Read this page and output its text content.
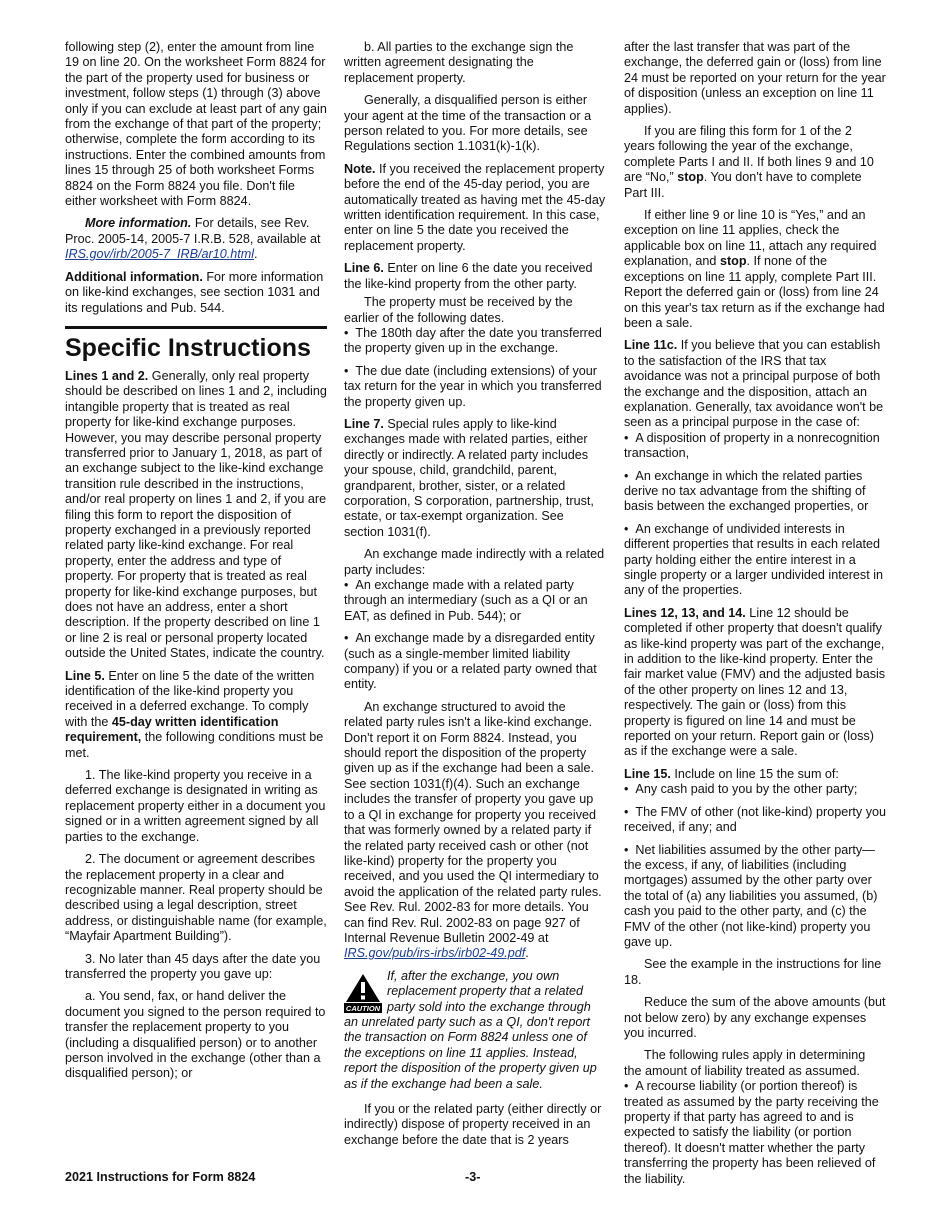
following step (2), enter the amount from line 19 on line 20. On the worksheet Form 8824 for the part of the property used for business or investment, follow steps (1) through (3) above only if you can exclude at least part of any gain from the exchange of that part of the property; otherwise, complete the form according to its instructions. Enter the combined amounts from lines 15 through 25 of both worksheet Forms 8824 on the Form 8824 you file. Don't file either worksheet with Form 8824.

More information. For details, see Rev. Proc. 2005-14, 2005-7 I.R.B. 528, available at IRS.gov/irb/2005-7_IRB/ar10.html.

Additional information. For more information on like-kind exchanges, see section 1031 and its regulations and Pub. 544.

Specific Instructions

Lines 1 and 2. Generally, only real property should be described on lines 1 and 2, including intangible property that is treated as real property for like-kind exchange purposes. However, you may describe personal property transferred prior to January 1, 2018, as part of an exchange subject to the like-kind exchange transition rule described in the instructions, and/or real property on lines 1 and 2, if you are filing this form to report the disposition of property exchanged in a previously reported related party like-kind exchange. For real property, enter the address and type of property. For property that is treated as real property for like-kind exchange purposes, but does not have an address, enter a short description. If the property described on line 1 or line 2 is real or personal property located outside the United States, indicate the country.

Line 5. Enter on line 5 the date of the written identification of the like-kind property you received in a deferred exchange. To comply with the 45-day written identification requirement, the following conditions must be met.

1. The like-kind property you receive in a deferred exchange is designated in writing as replacement property either in a document you signed or in a written agreement signed by all parties to the exchange.

2. The document or agreement describes the replacement property in a clear and recognizable manner. Real property should be described using a legal description, street address, or distinguishable name (for example, “Mayfair Apartment Building”).

3. No later than 45 days after the date you transferred the property you gave up:

a. You send, fax, or hand deliver the document you signed to the person required to transfer the replacement property to you (including a disqualified person) or to another person involved in the exchange (other than a disqualified person); or

b. All parties to the exchange sign the written agreement designating the replacement property.

Generally, a disqualified person is either your agent at the time of the transaction or a person related to you. For more details, see Regulations section 1.1031(k)-1(k).

Note. If you received the replacement property before the end of the 45-day period, you are automatically treated as having met the 45-day written identification requirement. In this case, enter on line 5 the date you received the replacement property.

Line 6. Enter on line 6 the date you received the like-kind property from the other party.

The property must be received by the earlier of the following dates.

•  The 180th day after the date you transferred the property given up in the exchange.

•  The due date (including extensions) of your tax return for the year in which you transferred the property given up.

Line 7. Special rules apply to like-kind exchanges made with related parties, either directly or indirectly. A related party includes your spouse, child, grandchild, parent, grandparent, brother, sister, or a related corporation, S corporation, partnership, trust, estate, or tax-exempt organization. See section 1031(f).

An exchange made indirectly with a related party includes:

•  An exchange made with a related party through an intermediary (such as a QI or an EAT, as defined in Pub. 544); or

•  An exchange made by a disregarded entity (such as a single-member limited liability company) if you or a related party owned that entity.

An exchange structured to avoid the related party rules isn't a like-kind exchange. Don't report it on Form 8824. Instead, you should report the disposition of the property given up as if the exchange had been a sale. See section 1031(f)(4). Such an exchange includes the transfer of property you gave up to a QI in exchange for property you received that was formerly owned by a related party if the related party received cash or other (not like-kind) property for the property you received, and you used the QI intermediary to avoid the application of the related party rules. See Rev. Rul. 2002-83 for more details. You can find Rev. Rul. 2002-83 on page 927 of Internal Revenue Bulletin 2002-49 at IRS.gov/pub/irs-irbs/irb02-49.pdf.

CAUTION
If, after the exchange, you own replacement property that a related party sold into the exchange through an unrelated party such as a QI, don't report the transaction on Form 8824 unless one of the exceptions on line 11 applies. Instead, report the disposition of the property given up as if the exchange had been a sale.

If you or the related party (either directly or indirectly) dispose of property received in an exchange before the date that is 2 years

after the last transfer that was part of the exchange, the deferred gain or (loss) from line 24 must be reported on your return for the year of disposition (unless an exception on line 11 applies).

If you are filing this form for 1 of the 2 years following the year of the exchange, complete Parts I and II. If both lines 9 and 10 are “No,” stop. You don't have to complete Part III.

If either line 9 or line 10 is “Yes,” and an exception on line 11 applies, check the applicable box on line 11, attach any required explanation, and stop. If none of the exceptions on line 11 apply, complete Part III. Report the deferred gain or (loss) from line 24 on this year's tax return as if the exchange had been a sale.

Line 11c. If you believe that you can establish to the satisfaction of the IRS that tax avoidance was not a principal purpose of both the exchange and the disposition, attach an explanation. Generally, tax avoidance won't be seen as a principal purpose in the case of:

•  A disposition of property in a nonrecognition transaction,

•  An exchange in which the related parties derive no tax advantage from the shifting of basis between the exchanged properties, or

•  An exchange of undivided interests in different properties that results in each related party holding either the entire interest in a single property or a larger undivided interest in any of the properties.

Lines 12, 13, and 14. Line 12 should be completed if other property that doesn't qualify as like-kind property was part of the exchange, in addition to the like-kind property. Enter the fair market value (FMV) and the adjusted basis of the other property on lines 12 and 13, respectively. The gain or (loss) from this property is figured on line 14 and must be reported on your return. Report gain or (loss) as if the exchange were a sale.

Line 15. Include on line 15 the sum of:

•  Any cash paid to you by the other party;

•  The FMV of other (not like-kind) property you received, if any; and

•  Net liabilities assumed by the other party—the excess, if any, of liabilities (including mortgages) assumed by the other party over the total of (a) any liabilities you assumed, (b) cash you paid to the other party, and (c) the FMV of the other (not like-kind) property you gave up.

See the example in the instructions for line 18.

Reduce the sum of the above amounts (but not below zero) by any exchange expenses you incurred.

The following rules apply in determining the amount of liability treated as assumed.

•  A recourse liability (or portion thereof) is treated as assumed by the party receiving the property if that party has agreed to and is expected to satisfy the liability (or portion thereof). It doesn't matter whether the party transferring the property has been relieved of the liability.

2021 Instructions for Form 8824	-3-
